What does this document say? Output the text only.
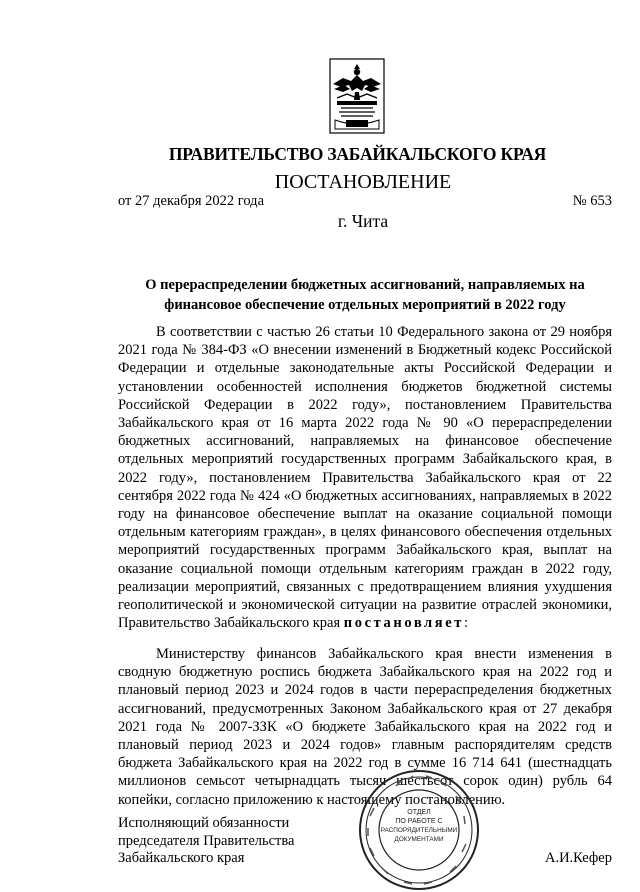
ПРАВИТЕЛЬСТВО ЗАБАЙКАЛЬСКОГО КРАЯ
ПОСТАНОВЛЕНИЕ
от 27 декабря 2022 года	№ 653
г. Чита
О перераспределении бюджетных ассигнований, направляемых на финансовое обеспечение отдельных мероприятий в 2022 году

В соответствии с частью 26 статьи 10 Федерального закона от 29 ноября 2021 года № 384-ФЗ «О внесении изменений в Бюджетный кодекс Российской Федерации и отдельные законодательные акты Российской Федерации и установлении особенностей исполнения бюджетов бюджетной системы Российской Федерации в 2022 году», постановлением Правительства Забайкальского края от 16 марта 2022 года № 90 «О перераспределении бюджетных ассигнований, направляемых на финансовое обеспечение отдельных мероприятий государственных программ Забайкальского края, в 2022 году», постановлением Правительства Забайкальского края от 22 сентября 2022 года № 424 «О бюджетных ассигнованиях, направляемых в 2022 году на финансовое обеспечение выплат на оказание социальной помощи отдельным категориям граждан», в целях финансового обеспечения отдельных мероприятий государственных программ Забайкальского края, выплат на оказание социальной помощи отдельным категориям граждан в 2022 году, реализации мероприятий, связанных с предотвращением влияния ухудшения геополитической и экономической ситуации на развитие отраслей экономики, Правительство Забайкальского края постановляет:

Министерству финансов Забайкальского края внести изменения в сводную бюджетную роспись бюджета Забайкальского края на 2022 год и плановый период 2023 и 2024 годов в части перераспределения бюджетных ассигнований, предусмотренных Законом Забайкальского края от 27 декабря 2021 года № 2007-ЗЗК «О бюджете Забайкальского края на 2022 год и плановый период 2023 и 2024 годов» главным распорядителям средств бюджета Забайкальского края на 2022 год в сумме 16 714 641 (шестнадцать миллионов семьсот четырнадцать тысяч шестьсот сорок один) рубль 64 копейки, согласно приложению к настоящему постановлению.

Исполняющий обязанности
председателя Правительства
Забайкальского края	А.И.Кефер
ОТДЕЛ
ПО РАБОТЕ С
РАСПОРЯДИТЕЛЬНЫМИ
ДОКУМЕНТАМИ
